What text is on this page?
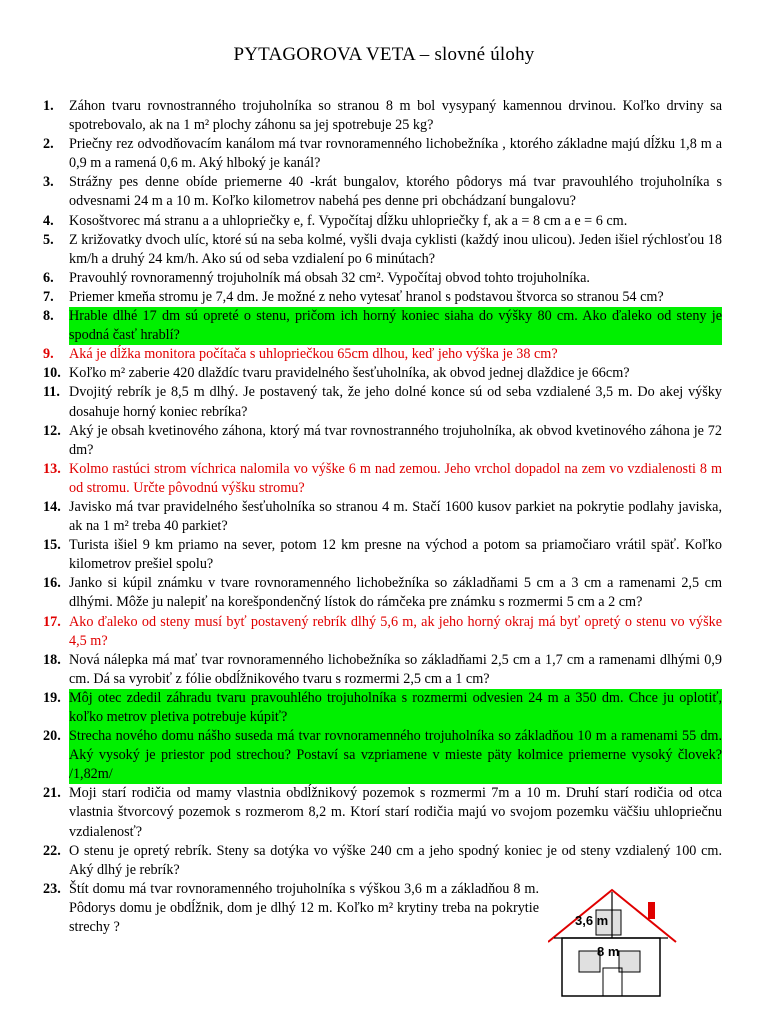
PYTAGOROVA VETA – slovné úlohy
1.	Záhon tvaru rovnostranného trojuholníka so stranou 8 m bol vysypaný kamennou drvinou. Koľko drviny sa spotrebovalo, ak na 1 m² plochy záhonu sa jej spotrebuje 25 kg?
2.	Priečny rez odvodňovacím kanálom má tvar rovnoramenného lichobežníka , ktorého základne majú dĺžku 1,8 m a 0,9 m a ramená 0,6 m. Aký hlboký je kanál?
3.	Strážny pes denne obíde priemerne 40 -krát bungalov, ktorého pôdorys má tvar pravouhlého trojuholníka s odvesnami 24 m a 10 m. Koľko kilometrov nabehá pes denne pri obchádzaní bungalovu?
4.	Kosoštvorec má stranu a a uhlopriečky e, f. Vypočítaj dĺžku uhlopriečky f, ak a = 8 cm a e = 6 cm.
5.	Z križovatky dvoch ulíc, ktoré sú na seba kolmé, vyšli dvaja cyklisti (každý inou ulicou). Jeden išiel rýchlosťou 18 km/h a druhý 24 km/h. Ako sú od seba vzdialení po 6 minútach?
6.	Pravouhlý rovnoramenný trojuholník má obsah 32 cm². Vypočítaj obvod tohto trojuholníka.
7.	Priemer kmeňa stromu je 7,4 dm. Je možné z neho vytesať hranol s podstavou štvorca so stranou 54 cm?
8.	Hrable dlhé 17 dm sú opreté o stenu, pričom ich horný koniec siaha do výšky 80 cm. Ako ďaleko od steny je spodná časť hrablí?
9.	Aká je dĺžka monitora počítača s uhlopriečkou 65cm dlhou, keď jeho výška je 38 cm?
10. Koľko m² zaberie 420 dlaždíc tvaru pravidelného šesťuholníka, ak obvod jednej dlaždice je 66cm?
11. Dvojitý rebrík je 8,5 m dlhý. Je postavený tak, že jeho dolné konce sú od seba vzdialené 3,5 m. Do akej výšky dosahuje horný koniec rebríka?
12. Aký je obsah kvetinového záhona, ktorý má tvar rovnostranného trojuholníka, ak obvod kvetinového záhona je 72 dm?
13. Kolmo rastúci strom víchrica nalomila vo výške 6 m nad zemou. Jeho vrchol dopadol na zem vo vzdialenosti 8 m od stromu. Určte pôvodnú výšku stromu?
14. Javisko má tvar pravidelného šesťuholníka so stranou 4 m. Stačí 1600 kusov parkiet na pokrytie podlahy javiska, ak na 1 m² treba 40 parkiet?
15. Turista išiel 9 km priamo na sever, potom 12 km presne na východ a potom sa priamočiaro vrátil späť. Koľko kilometrov prešiel spolu?
16. Janko si kúpil známku v tvare rovnoramenného lichobežníka so základňami 5 cm a 3 cm a ramenami 2,5 cm dlhými. Môže ju nalepiť na korešpondenčný lístok do rámčeka pre známku s rozmermi 5 cm a 2 cm?
17. Ako ďaleko od steny musí byť postavený rebrík dlhý 5,6 m, ak jeho horný okraj má byť opretý o stenu vo výške 4,5 m?
18. Nová nálepka má mať tvar rovnoramenného lichobežníka so základňami 2,5 cm a 1,7 cm a ramenami dlhými 0,9 cm. Dá sa vyrobiť z fólie obdĺžnikového tvaru s rozmermi 2,5 cm a 1 cm?
19. Môj otec zdedil záhradu tvaru pravouhlého trojuholníka s rozmermi odvesien 24 m a 350 dm. Chce ju oplotiť, koľko metrov pletiva potrebuje kúpiť?
20. Strecha nového domu nášho suseda má tvar rovnoramenného trojuholníka so základňou 10 m a ramenami 55 dm. Aký vysoký je priestor pod strechou? Postaví sa vzpriamene v mieste päty kolmice priemerne vysoký človek? /1,82m/
21. Moji starí rodičia od mamy vlastnia obdĺžnikový pozemok s rozmermi 7m a 10 m. Druhí starí rodičia od otca vlastnia štvorcový pozemok s rozmerom 8,2 m. Ktorí starí rodičia majú vo svojom pozemku väčšiu uhlopriečnu vzdialenosť?
22. O stenu je opretý rebrík. Steny sa dotýka vo výške 240 cm a jeho spodný koniec je od steny vzdialený 100 cm. Aký dlhý je rebrík?
23. Štít domu má tvar rovnoramenného trojuholníka s výškou 3,6 m a základňou 8 m. Pôdorys domu je obdĺžnik, dom je dlhý 12 m. Koľko m² krytiny treba na pokrytie strechy ?	3,6 m
8 m
